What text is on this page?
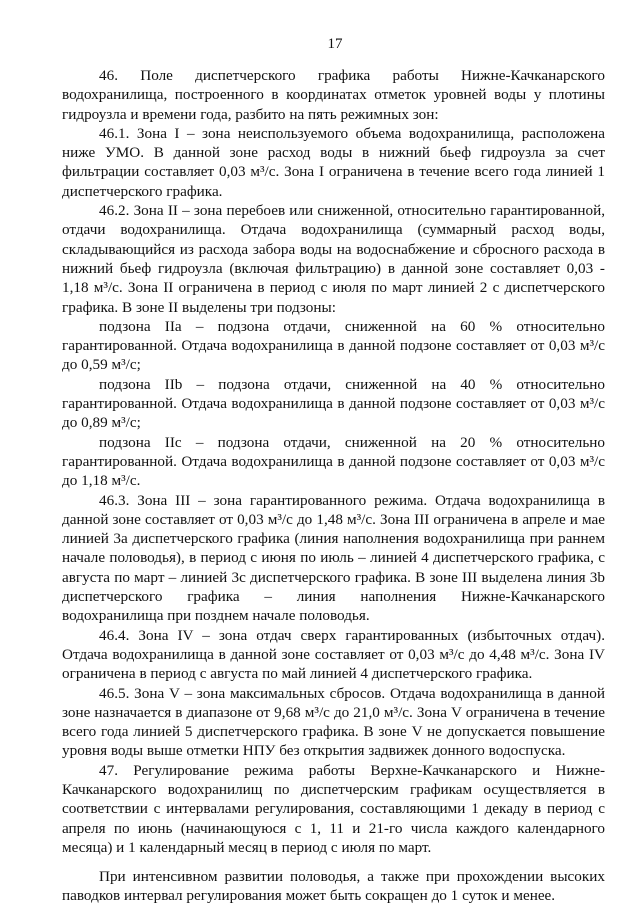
17

46. Поле диспетчерского графика работы Нижне-Качканарского водохранилища, построенного в координатах отметок уровней воды у плотины гидроузла и времени года, разбито на пять режимных зон:

46.1. Зона I – зона неиспользуемого объема водохранилища, расположена ниже УМО. В данной зоне расход воды в нижний бьеф гидроузла за счет фильтрации составляет 0,03 м³/с. Зона I ограничена в течение всего года линией 1 диспетчерского графика.

46.2. Зона II – зона перебоев или сниженной, относительно гарантированной, отдачи водохранилища. Отдача водохранилища (суммарный расход воды, складывающийся из расхода забора воды на водоснабжение и сбросного расхода в нижний бьеф гидроузла (включая фильтрацию) в данной зоне составляет 0,03 - 1,18 м³/с. Зона II ограничена в период с июля по март линией 2 с диспетчерского графика. В зоне II выделены три подзоны:

подзона IIa – подзона отдачи, сниженной на 60 % относительно гарантированной. Отдача водохранилища в данной подзоне составляет от 0,03 м³/с до 0,59 м³/с;

подзона IIb – подзона отдачи, сниженной на 40 % относительно гарантированной. Отдача водохранилища в данной подзоне составляет от 0,03 м³/с до 0,89 м³/с;

подзона IIc – подзона отдачи, сниженной на 20 % относительно гарантированной. Отдача водохранилища в данной подзоне составляет от 0,03 м³/с до 1,18 м³/с.

46.3. Зона III – зона гарантированного режима. Отдача водохранилища в данной зоне составляет от 0,03 м³/с до 1,48 м³/с. Зона III ограничена в апреле и мае линией 3а диспетчерского графика (линия наполнения водохранилища при раннем начале половодья), в период с июня по июль – линией 4 диспетчерского графика, с августа по март – линией 3с диспетчерского графика. В зоне III выделена линия 3b диспетчерского графика – линия наполнения Нижне-Качканарского водохранилища при позднем начале половодья.

46.4. Зона IV – зона отдач сверх гарантированных (избыточных отдач). Отдача водохранилища в данной зоне составляет от 0,03 м³/с до 4,48 м³/с. Зона IV ограничена в период с августа по май линией 4 диспетчерского графика.

46.5. Зона V – зона максимальных сбросов. Отдача водохранилища в данной зоне назначается в диапазоне от 9,68 м³/с до 21,0 м³/с. Зона V ограничена в течение всего года линией 5 диспетчерского графика. В зоне V не допускается повышение уровня воды выше отметки НПУ без открытия задвижек донного водоспуска.

47. Регулирование режима работы Верхне-Качканарского и Нижне-Качканарского водохранилищ по диспетчерским графикам осуществляется в соответствии с интервалами регулирования, составляющими 1 декаду в период с апреля по июнь (начинающуюся с 1, 11 и 21-го числа каждого календарного месяца) и 1 календарный месяц в период с июля по март.

При интенсивном развитии половодья, а также при прохождении высоких паводков интервал регулирования может быть сокращен до 1 суток и менее.
